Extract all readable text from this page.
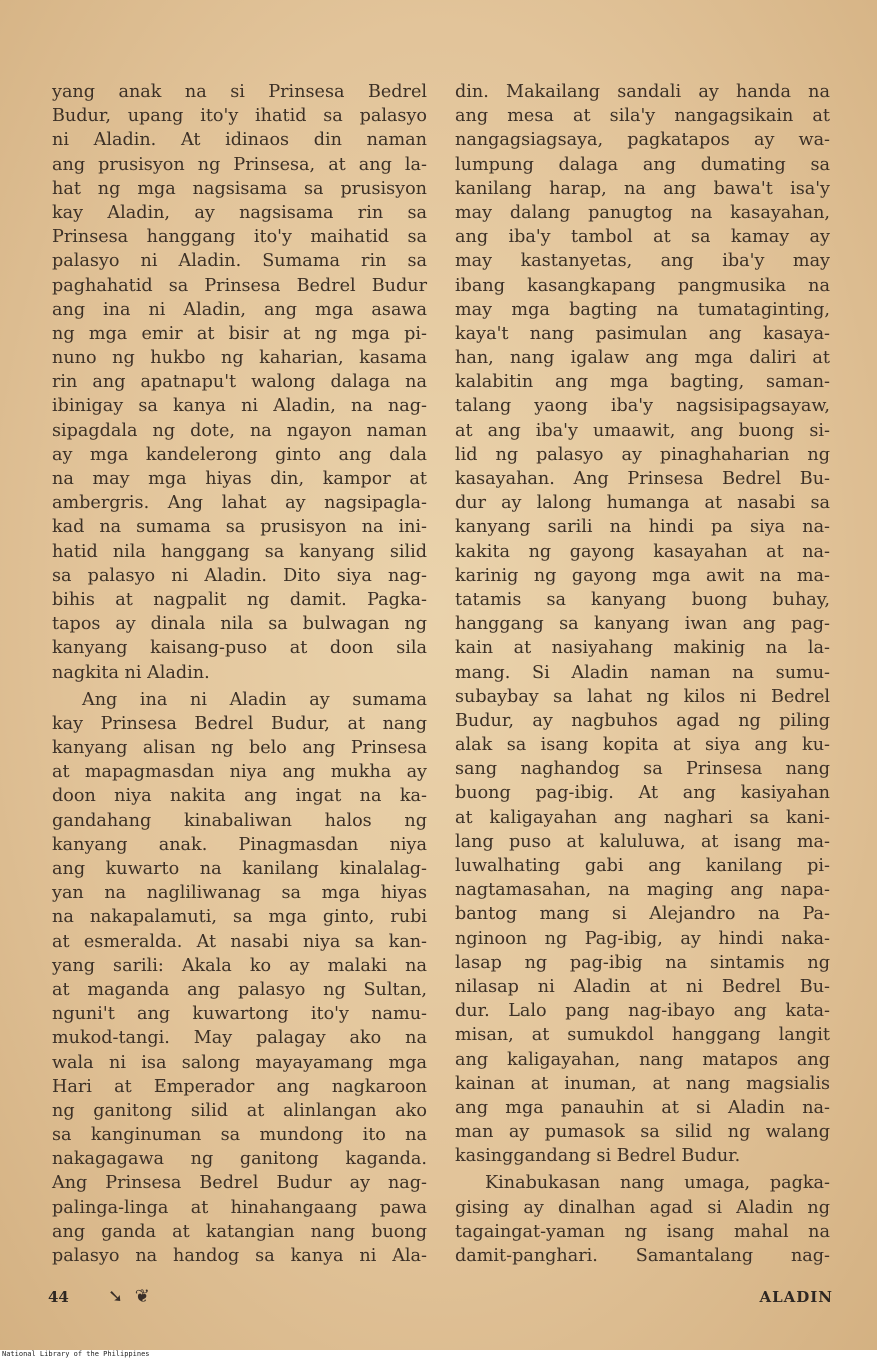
yang anak na si Prinsesa Bedrel
Budur, upang ito'y ihatid sa palasyo
ni Aladin. At idinaos din naman
ang prusisyon ng Prinsesa, at ang la-
hat ng mga nagsisama sa prusisyon
kay Aladin, ay nagsisama rin sa
Prinsesa hanggang ito'y maihatid sa
palasyo ni Aladin. Sumama rin sa
paghahatid sa Prinsesa Bedrel Budur
ang ina ni Aladin, ang mga asawa
ng mga emir at bisir at ng mga pi-
nuno ng hukbo ng kaharian, kasama
rin ang apatnapu't walong dalaga na
ibinigay sa kanya ni Aladin, na nag-
sipagdala ng dote, na ngayon naman
ay mga kandelerong ginto ang dala
na may mga hiyas din, kampor at
ambergris. Ang lahat ay nagsipagla-
kad na sumama sa prusisyon na ini-
hatid nila hanggang sa kanyang silid
sa palasyo ni Aladin. Dito siya nag-
bihis at nagpalit ng damit. Pagka-
tapos ay dinala nila sa bulwagan ng
kanyang kaisang-puso at doon sila
nagkita ni Aladin.
Ang ina ni Aladin ay sumama
kay Prinsesa Bedrel Budur, at nang
kanyang alisan ng belo ang Prinsesa
at mapagmasdan niya ang mukha ay
doon niya nakita ang ingat na ka-
gandahang kinabaliwan halos ng
kanyang anak. Pinagmasdan niya
ang kuwarto na kanilang kinalalag-
yan na nagliliwanag sa mga hiyas
na nakapalamuti, sa mga ginto, rubi
at esmeralda. At nasabi niya sa kan-
yang sarili: Akala ko ay malaki na
at maganda ang palasyo ng Sultan,
nguni't ang kuwartong ito'y namu-
mukod-tangi. May palagay ako na
wala ni isa salong mayayamang mga
Hari at Emperador ang nagkaroon
ng ganitong silid at alinlangan ako
sa kanginuman sa mundong ito na
nakagagawa ng ganitong kaganda.
Ang Prinsesa Bedrel Budur ay nag-
palinga-linga at hinahangaang pawa
ang ganda at katangian nang buong
palasyo na handog sa kanya ni Ala-
din. Makailang sandali ay handa na
ang mesa at sila'y nangagsikain at
nangagsiagsaya, pagkatapos ay wa-
lumpung dalaga ang dumating sa
kanilang harap, na ang bawa't isa'y
may dalang panugtog na kasayahan,
ang iba'y tambol at sa kamay ay
may kastanyetas, ang iba'y may
ibang kasangkapang pangmusika na
may mga bagting na tumataginting,
kaya't nang pasimulan ang kasaya-
han, nang igalaw ang mga daliri at
kalabitin ang mga bagting, saman-
talang yaong iba'y nagsisipagsayaw,
at ang iba'y umaawit, ang buong si-
lid ng palasyo ay pinaghaharian ng
kasayahan. Ang Prinsesa Bedrel Bu-
dur ay lalong humanga at nasabi sa
kanyang sarili na hindi pa siya na-
kakita ng gayong kasayahan at na-
karinig ng gayong mga awit na ma-
tatamis sa kanyang buong buhay,
hanggang sa kanyang iwan ang pag-
kain at nasiyahang makinig na la-
mang. Si Aladin naman na sumu-
subaybay sa lahat ng kilos ni Bedrel
Budur, ay nagbuhos agad ng piling
alak sa isang kopita at siya ang ku-
sang naghandog sa Prinsesa nang
buong pag-ibig. At ang kasiyahan
at kaligayahan ang naghari sa kani-
lang puso at kaluluwa, at isang ma-
luwalhating gabi ang kanilang pi-
nagtamasahan, na maging ang napa-
bantog mang si Alejandro na Pa-
nginoon ng Pag-ibig, ay hindi naka-
lasap ng pag-ibig na sintamis ng
nilasap ni Aladin at ni Bedrel Bu-
dur. Lalo pang nag-ibayo ang kata-
misan, at sumukdol hanggang langit
ang kaligayahan, nang matapos ang
kainan at inuman, at nang magsialis
ang mga panauhin at si Aladin na-
man ay pumasok sa silid ng walang
kasinggandang si Bedrel Budur.
Kinabukasan nang umaga, pagka-
gising ay dinalhan agad si Aladin ng
tagaingat-yaman ng isang mahal na
damit-panghari. Samantalang nag-
44 ➘ ❦	ALADIN
National Library of the Philippines
